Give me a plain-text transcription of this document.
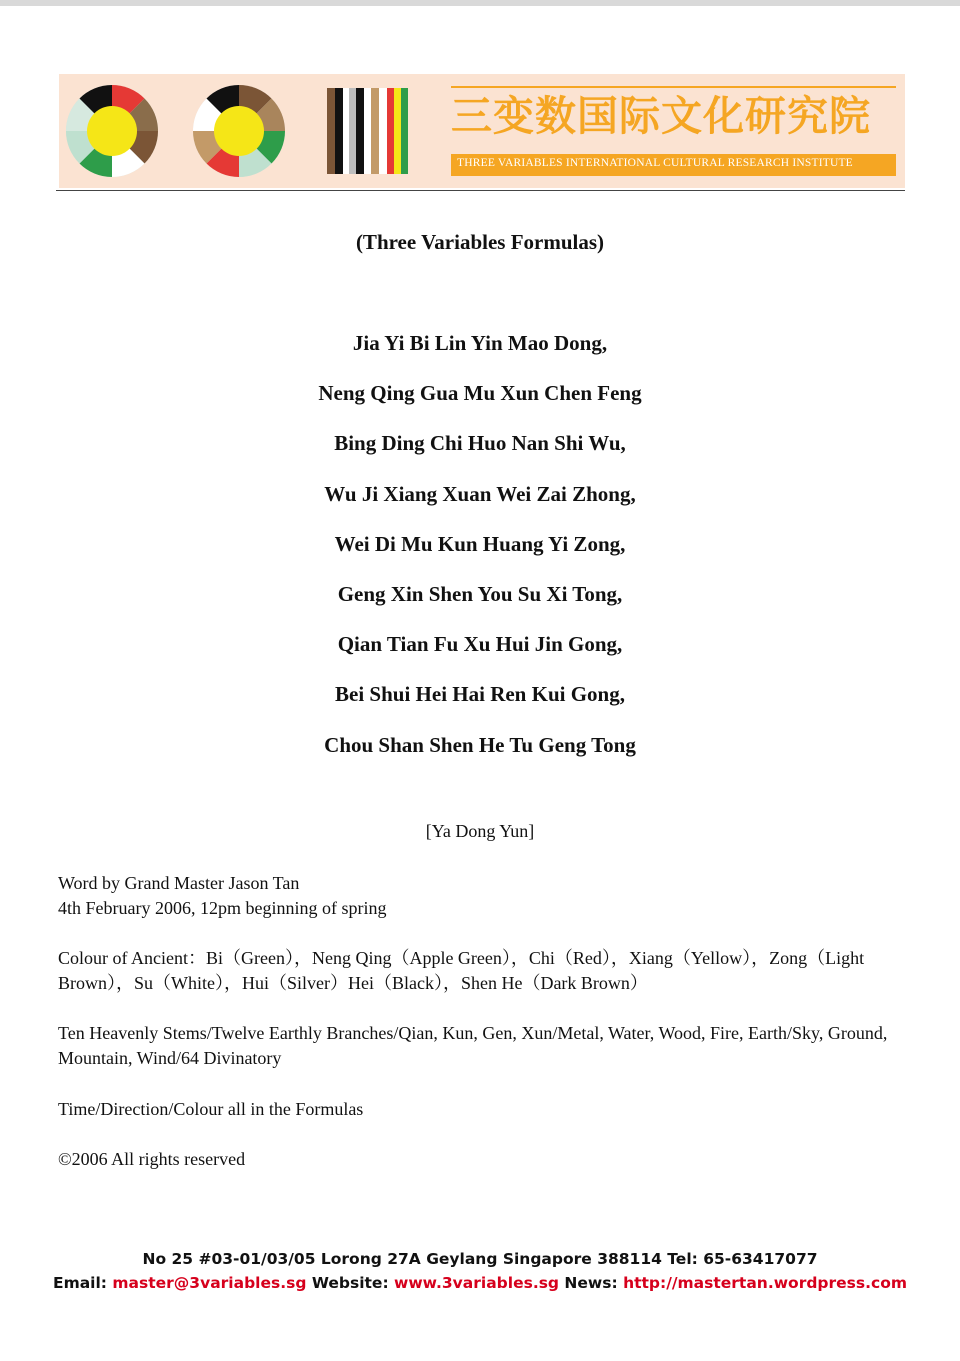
三变数国际文化研究院
THREE VARIABLES INTERNATIONAL CULTURAL RESEARCH INSTITUTE
(Three Variables Formulas)
Jia Yi Bi Lin Yin Mao Dong,
Neng Qing Gua Mu Xun Chen Feng
Bing Ding Chi Huo Nan Shi Wu,
Wu Ji Xiang Xuan Wei Zai Zhong,
Wei Di Mu Kun Huang Yi Zong,
Geng Xin Shen You Su Xi Tong,
Qian Tian Fu Xu Hui Jin Gong,
Bei Shui Hei Hai Ren Kui Gong,
Chou Shan Shen He Tu Geng Tong
[Ya Dong Yun]
Word by Grand Master Jason Tan
4th February 2006, 12pm beginning of spring
Colour of Ancient：Bi（Green），Neng Qing（Apple Green），Chi（Red），Xiang（Yellow），Zong（Light Brown），Su（White），Hui（Silver）Hei（Black），Shen He（Dark Brown）
Ten Heavenly Stems/Twelve Earthly Branches/Qian, Kun, Gen, Xun/Metal, Water, Wood, Fire, Earth/Sky, Ground, Mountain, Wind/64 Divinatory
Time/Direction/Colour all in the Formulas
©2006 All rights reserved
No 25 #03-01/03/05 Lorong 27A Geylang Singapore 388114 Tel: 65-63417077
Email: master@3variables.sg Website: www.3variables.sg News: http://mastertan.wordpress.com
